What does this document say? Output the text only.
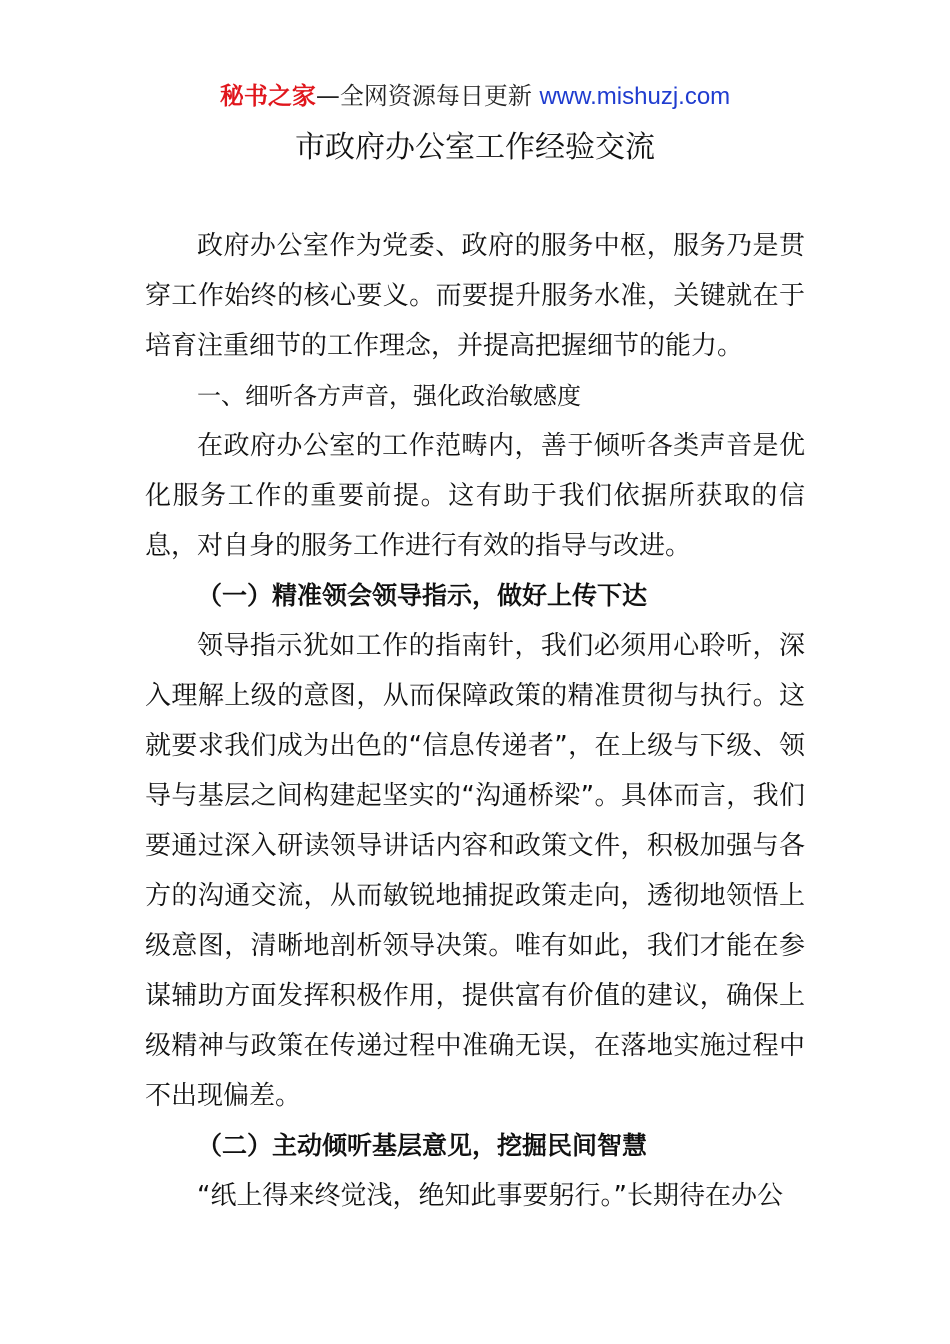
秘书之家—全网资源每日更新 www.mishuzj.com
市政府办公室工作经验交流

政府办公室作为党委、政府的服务中枢，服务乃是贯穿工作始终的核心要义。而要提升服务水准，关键就在于培育注重细节的工作理念，并提高把握细节的能力。

一、细听各方声音，强化政治敏感度

在政府办公室的工作范畴内，善于倾听各类声音是优化服务工作的重要前提。这有助于我们依据所获取的信息，对自身的服务工作进行有效的指导与改进。

（一）精准领会领导指示，做好上传下达

领导指示犹如工作的指南针，我们必须用心聆听，深入理解上级的意图，从而保障政策的精准贯彻与执行。这就要求我们成为出色的“信息传递者”，在上级与下级、领导与基层之间构建起坚实的“沟通桥梁”。具体而言，我们要通过深入研读领导讲话内容和政策文件，积极加强与各方的沟通交流，从而敏锐地捕捉政策走向，透彻地领悟上级意图，清晰地剖析领导决策。唯有如此，我们才能在参谋辅助方面发挥积极作用，提供富有价值的建议，确保上级精神与政策在传递过程中准确无误，在落地实施过程中不出现偏差。

（二）主动倾听基层意见，挖掘民间智慧

“纸上得来终觉浅，绝知此事要躬行。”长期待在办公
